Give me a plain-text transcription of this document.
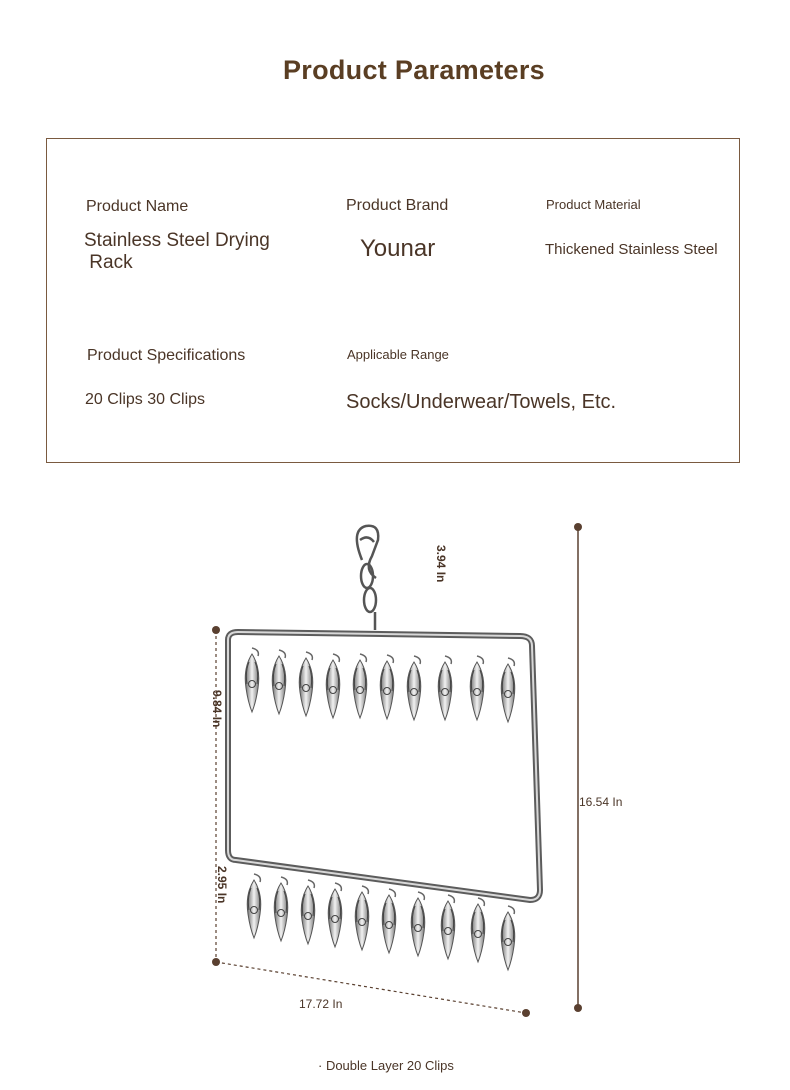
Product Parameters
Product Name
Stainless Steel Drying
Rack
Product Brand
Younar
Product Material
Thickened Stainless Steel
Product Specifications
20 Clips 30 Clips
Applicable Range
Socks/Underwear/Towels, Etc.
3.94 In
9.84 In
2.95 In
16.54 In
17.72 In
· Double Layer 20 Clips
